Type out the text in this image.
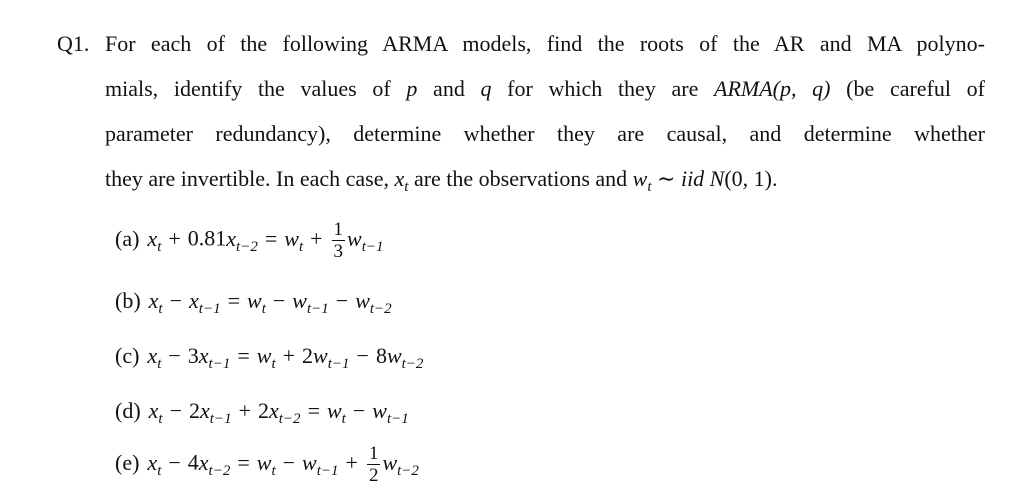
Q1. For each of the following ARMA models, find the roots of the AR and MA polyno-
mials, identify the values of p and q for which they are ARMA(p, q) (be careful of
parameter redundancy), determine whether they are causal, and determine whether
they are invertible. In each case, $x_t$ are the observations and $w_t$ ∼ iid N(0, 1).
(a) $x_t + 0.81x_{t-2} = w_t + \frac{1}{3} w_{t-1}$
(b) $x_t - x_{t-1} = w_t - w_{t-1} - w_{t-2}$
(c) $x_t - 3x_{t-1} = w_t + 2w_{t-1} - 8w_{t-2}$
(d) $x_t - 2x_{t-1} + 2x_{t-2} = w_t - w_{t-1}$
(e) $x_t - 4x_{t-2} = w_t - w_{t-1} + \frac{1}{2} w_{t-2}$
